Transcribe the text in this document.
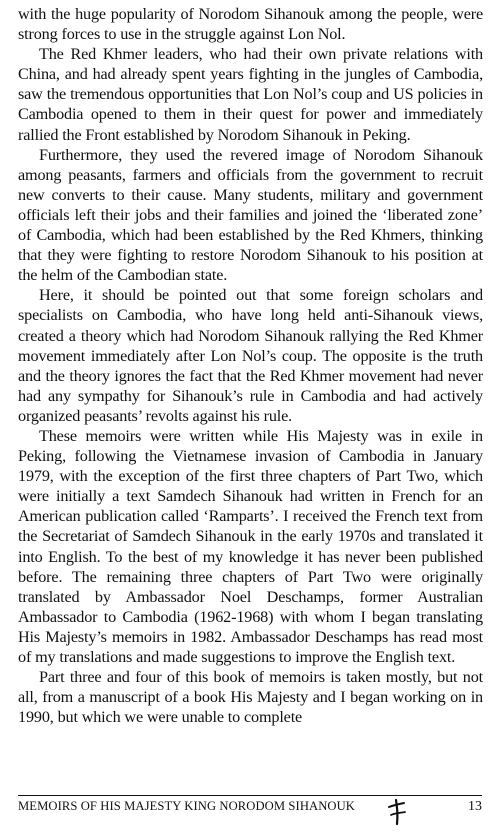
with the huge popularity of Norodom Sihanouk among the people, were strong forces to use in the struggle against Lon Nol.

The Red Khmer leaders, who had their own private relations with China, and had already spent years fighting in the jungles of Cambodia, saw the tremendous opportunities that Lon Nol’s coup and US policies in Cambodia opened to them in their quest for power and immediately rallied the Front established by Norodom Sihanouk in Peking.

Furthermore, they used the revered image of Norodom Sihanouk among peasants, farmers and officials from the government to recruit new converts to their cause. Many students, military and government officials left their jobs and their families and joined the ‘liberated zone’ of Cambodia, which had been established by the Red Khmers, thinking that they were fighting to restore Norodom Sihanouk to his position at the helm of the Cambodian state.

Here, it should be pointed out that some foreign scholars and specialists on Cambodia, who have long held anti-Sihanouk views, created a theory which had Norodom Sihanouk rallying the Red Khmer movement immediately after Lon Nol’s coup. The opposite is the truth and the theory ignores the fact that the Red Khmer movement had never had any sympathy for Sihanouk’s rule in Cambodia and had actively organized peasants’ revolts against his rule.

These memoirs were written while His Majesty was in exile in Peking, following the Vietnamese invasion of Cambodia in January 1979, with the exception of the first three chapters of Part Two, which were initially a text Samdech Sihanouk had written in French for an American publication called ‘Ramparts’. I received the French text from the Secretariat of Samdech Sihanouk in the early 1970s and translated it into English. To the best of my knowledge it has never been published before. The remaining three chapters of Part Two were originally translated by Ambassador Noel Deschamps, former Australian Ambassador to Cambodia (1962-1968) with whom I began translating His Majesty’s memoirs in 1982. Ambassador Deschamps has read most of my translations and made suggestions to improve the English text.

Part three and four of this book of memoirs is taken mostly, but not all, from a manuscript of a book His Majesty and I began working on in 1990, but which we were unable to complete

MEMOIRS OF HIS MAJESTY KING NORODOM SIHANOUK	13
